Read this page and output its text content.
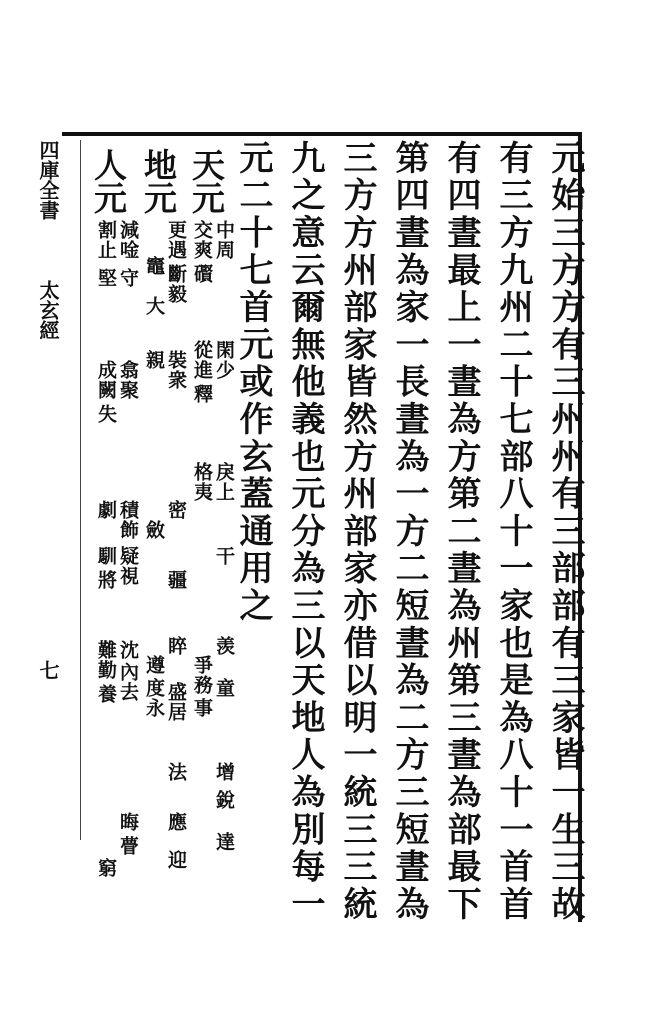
元始三方方有三州州有三部部有三家皆一生三故
有三方九州二十七部八十一家也是為八十一首首
有四晝最上一晝為方第二晝為州第三晝為部最下
第四晝為家一長晝為一方二短晝為二方三短晝為
三方方州部家皆然方州部家亦借以明一統三三統
九之意云爾無他義也元分為三以天地人為別每一
元二十七首元或作玄蓋通用之
天元
中周
交爽
礥
閑少
從進
釋
戾上
格夷
干
羡
爭務 童
事
增
銳
達
地元
更遇
斷毅
竈
大
裝衆
親
密
斂
疆
睟
遵
盛居
度
永
法
應
迎
人元
減唫
割止
守
堅
翕聚
成
闕
失
積飾
劇
疑視
馴
將
沈
內去
難勤
養
晦
瞢
窮
四庫全書
太玄經
七
